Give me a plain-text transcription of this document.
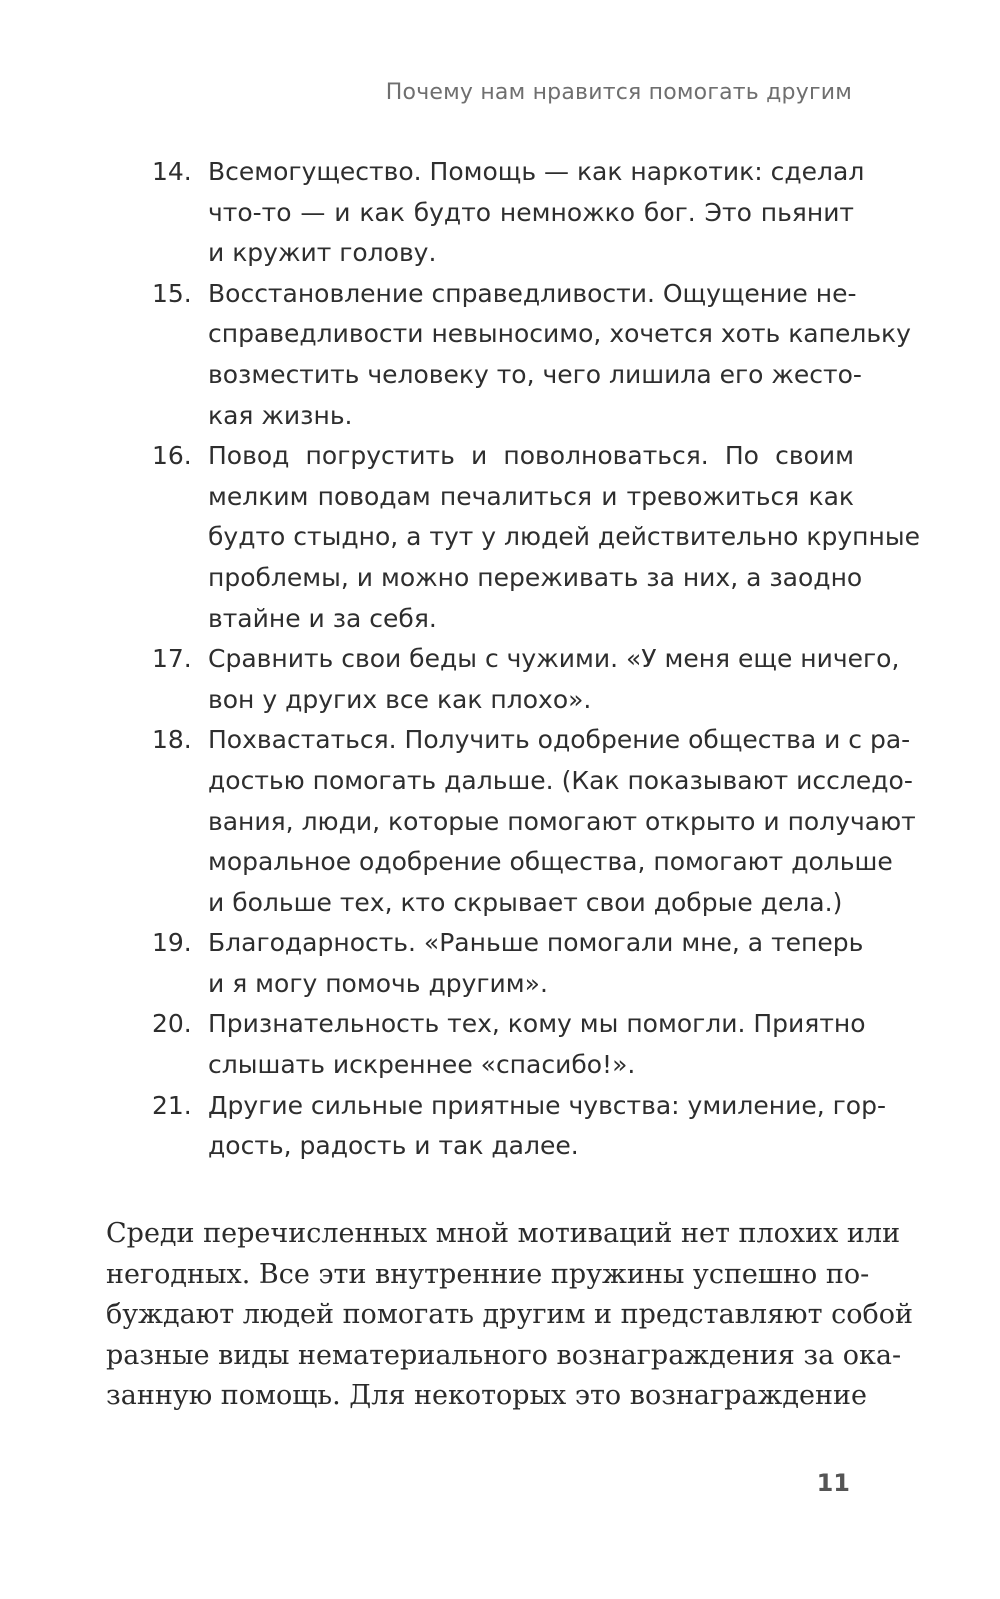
Почему нам нравится помогать другим
14. Всемогущество. Помощь — как наркотик: сделал
что-то — и как будто немножко бог. Это пьянит
и кружит голову.
15. Восстановление справедливости. Ощущение не-
справедливости невыносимо, хочется хоть капельку
возместить человеку то, чего лишила его жесто-
кая жизнь.
16. Повод погрустить и поволноваться. По своим
мелким поводам печалиться и тревожиться как
будто стыдно, а тут у людей действительно крупные
проблемы, и можно переживать за них, а заодно
втайне и за себя.
17. Сравнить свои беды с чужими. «У меня еще ничего,
вон у других все как плохо».
18. Похвастаться. Получить одобрение общества и с ра-
достью помогать дальше. (Как показывают исследо-
вания, люди, которые помогают открыто и получают
моральное одобрение общества, помогают дольше
и больше тех, кто скрывает свои добрые дела.)
19. Благодарность. «Раньше помогали мне, а теперь
и я могу помочь другим».
20. Признательность тех, кому мы помогли. Приятно
слышать искреннее «спасибо!».
21. Другие сильные приятные чувства: умиление, гор-
дость, радость и так далее.
Среди перечисленных мной мотиваций нет плохих или
негодных. Все эти внутренние пружины успешно по-
буждают людей помогать другим и представляют собой
разные виды нематериального вознаграждения за ока-
занную помощь. Для некоторых это вознаграждение
11
